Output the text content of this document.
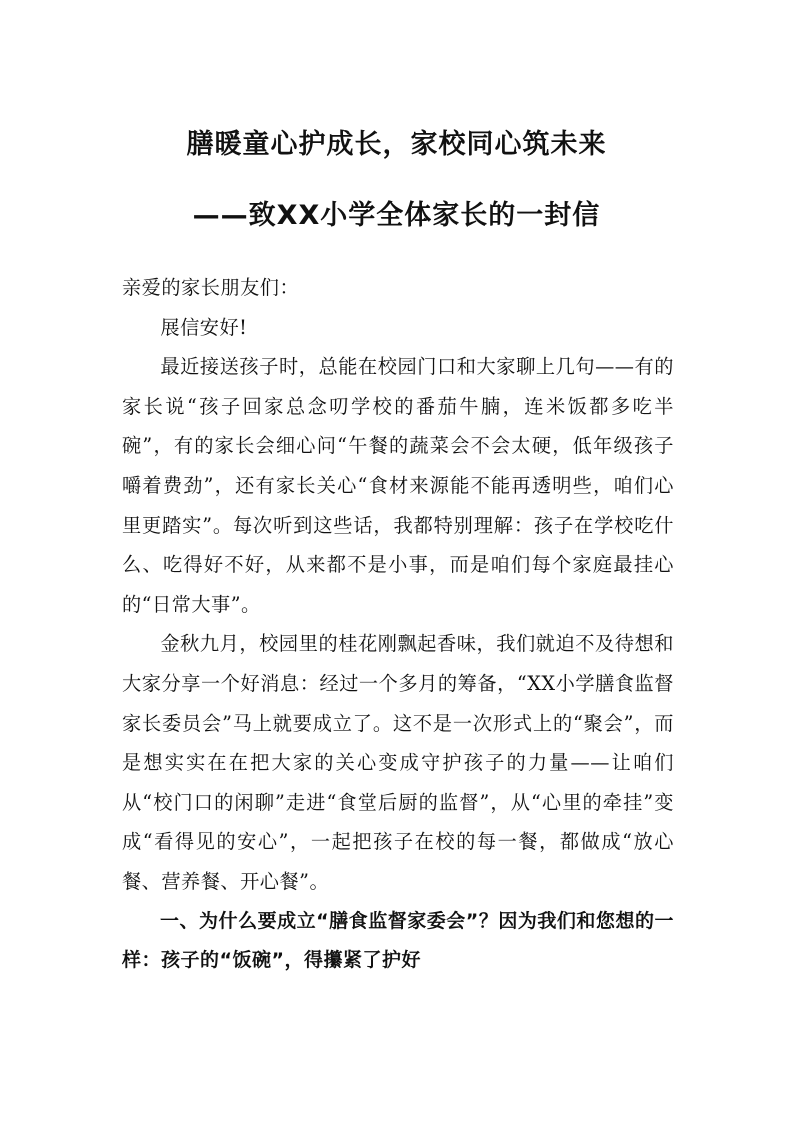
膳暖童心护成长，家校同心筑未来
——致XX小学全体家长的一封信

亲爱的家长朋友们：

展信安好!

最近接送孩子时，总能在校园门口和大家聊上几句——有的家长说“孩子回家总念叨学校的番茄牛腩，连米饭都多吃半碗”，有的家长会细心问“午餐的蔬菜会不会太硬，低年级孩子嚼着费劲”，还有家长关心“食材来源能不能再透明些，咱们心里更踏实”。每次听到这些话，我都特别理解：孩子在学校吃什么、吃得好不好，从来都不是小事，而是咱们每个家庭最挂心的“日常大事”。

金秋九月，校园里的桂花刚飘起香味，我们就迫不及待想和大家分享一个好消息：经过一个多月的筹备，“XX小学膳食监督家长委员会”马上就要成立了。这不是一次形式上的“聚会”，而是想实实在在把大家的关心变成守护孩子的力量——让咱们从“校门口的闲聊”走进“食堂后厨的监督”，从“心里的牵挂”变成“看得见的安心”，一起把孩子在校的每一餐，都做成“放心餐、营养餐、开心餐”。

一、为什么要成立“膳食监督家委会”？因为我们和您想的一样：孩子的“饭碗”，得攥紧了护好
